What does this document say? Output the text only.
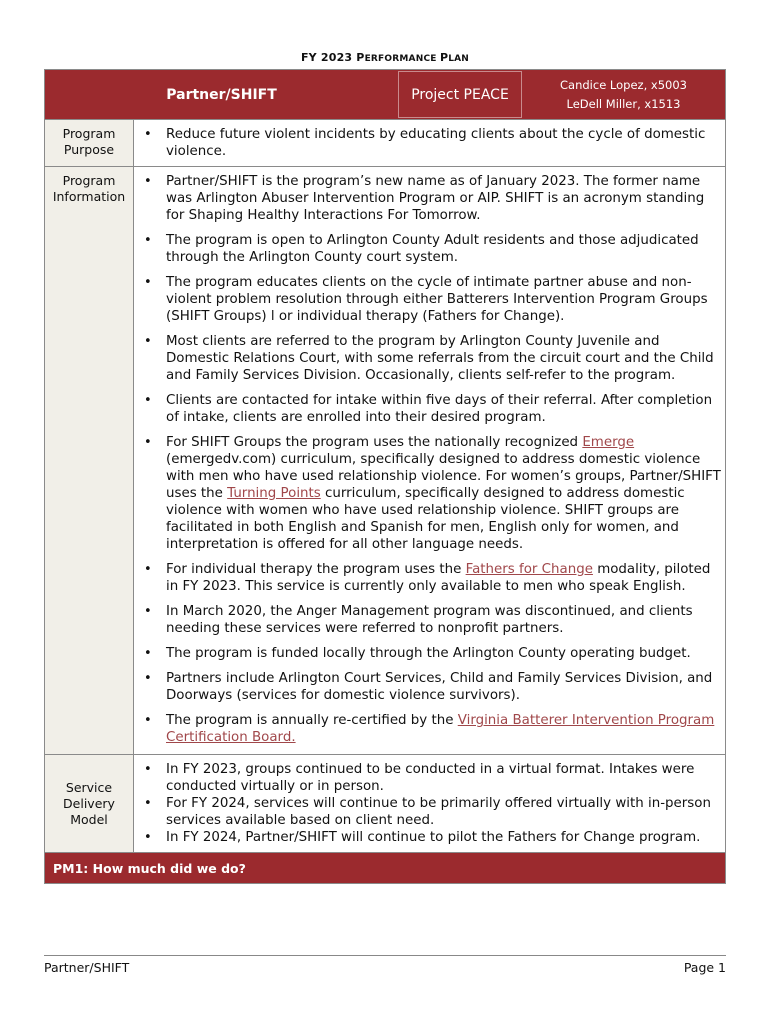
FY 2023 PERFORMANCE PLAN
Partner/SHIFT	Project PEACE
Candice Lopez, x5003
LeDell Miller, x1513
Program Purpose
• Reduce future violent incidents by educating clients about the cycle of domestic violence.
Program Information
• Partner/SHIFT is the program’s new name as of January 2023. The former name was Arlington Abuser Intervention Program or AIP. SHIFT is an acronym standing for Shaping Healthy Interactions For Tomorrow.
• The program is open to Arlington County Adult residents and those adjudicated through the Arlington County court system.
• The program educates clients on the cycle of intimate partner abuse and non-violent problem resolution through either Batterers Intervention Program Groups (SHIFT Groups) l or individual therapy (Fathers for Change).
• Most clients are referred to the program by Arlington County Juvenile and Domestic Relations Court, with some referrals from the circuit court and the Child and Family Services Division. Occasionally, clients self-refer to the program.
• Clients are contacted for intake within five days of their referral. After completion of intake, clients are enrolled into their desired program.
• For SHIFT Groups the program uses the nationally recognized Emerge (emergedv.com) curriculum, specifically designed to address domestic violence with men who have used relationship violence. For women’s groups, Partner/SHIFT uses the Turning Points curriculum, specifically designed to address domestic violence with women who have used relationship violence. SHIFT groups are facilitated in both English and Spanish for men, English only for women, and interpretation is offered for all other language needs.
• For individual therapy the program uses the Fathers for Change modality, piloted in FY 2023. This service is currently only available to men who speak English.
• In March 2020, the Anger Management program was discontinued, and clients needing these services were referred to nonprofit partners.
• The program is funded locally through the Arlington County operating budget.
• Partners include Arlington Court Services, Child and Family Services Division, and Doorways (services for domestic violence survivors).
• The program is annually re-certified by the Virginia Batterer Intervention Program Certification Board.
Service Delivery Model
• In FY 2023, groups continued to be conducted in a virtual format. Intakes were conducted virtually or in person.
• For FY 2024, services will continue to be primarily offered virtually with in-person services available based on client need.
• In FY 2024, Partner/SHIFT will continue to pilot the Fathers for Change program.
PM1: How much did we do?
Partner/SHIFT	Page 1
